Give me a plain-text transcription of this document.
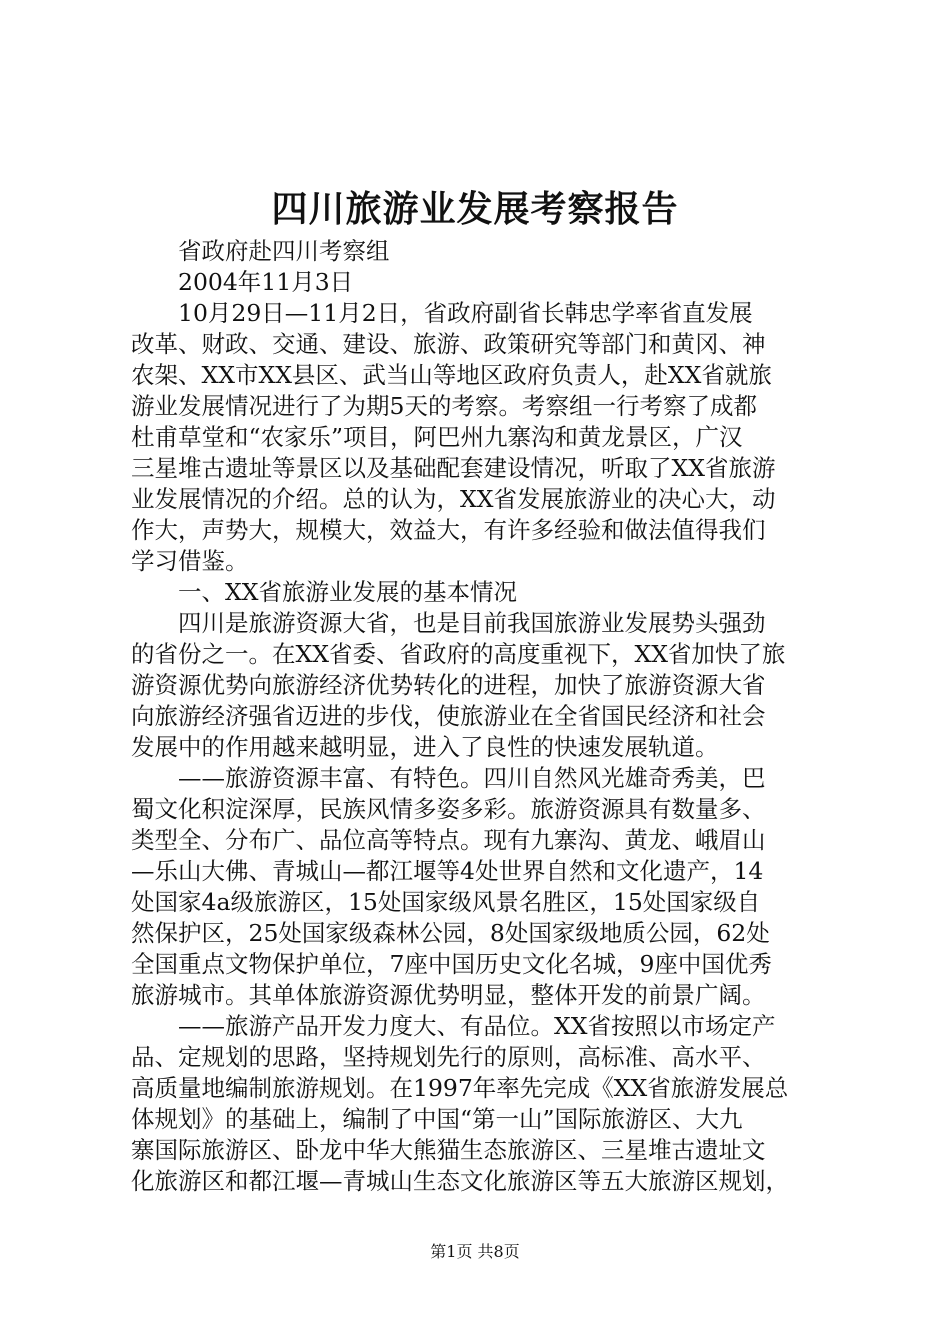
四川旅游业发展考察报告
省政府赴四川考察组
2004年11月3日
10月29日—11月2日，省政府副省长韩忠学率省直发展
改革、财政、交通、建设、旅游、政策研究等部门和黄冈、神
农架、XX市XX县区、武当山等地区政府负责人，赴XX省就旅
游业发展情况进行了为期5天的考察。考察组一行考察了成都
杜甫草堂和“农家乐”项目，阿巴州九寨沟和黄龙景区，广汉
三星堆古遗址等景区以及基础配套建设情况，听取了XX省旅游
业发展情况的介绍。总的认为，XX省发展旅游业的决心大，动
作大，声势大，规模大，效益大，有许多经验和做法值得我们
学习借鉴。
一、XX省旅游业发展的基本情况
四川是旅游资源大省，也是目前我国旅游业发展势头强劲
的省份之一。在XX省委、省政府的高度重视下，XX省加快了旅
游资源优势向旅游经济优势转化的进程，加快了旅游资源大省
向旅游经济强省迈进的步伐，使旅游业在全省国民经济和社会
发展中的作用越来越明显，进入了良性的快速发展轨道。
——旅游资源丰富、有特色。四川自然风光雄奇秀美，巴
蜀文化积淀深厚，民族风情多姿多彩。旅游资源具有数量多、
类型全、分布广、品位高等特点。现有九寨沟、黄龙、峨眉山
—乐山大佛、青城山—都江堰等4处世界自然和文化遗产，14
处国家4a级旅游区，15处国家级风景名胜区，15处国家级自
然保护区，25处国家级森林公园，8处国家级地质公园，62处
全国重点文物保护单位，7座中国历史文化名城，9座中国优秀
旅游城市。其单体旅游资源优势明显，整体开发的前景广阔。
——旅游产品开发力度大、有品位。XX省按照以市场定产
品、定规划的思路，坚持规划先行的原则，高标准、高水平、
高质量地编制旅游规划。在1997年率先完成《XX省旅游发展总
体规划》的基础上，编制了中国“第一山”国际旅游区、大九
寨国际旅游区、卧龙中华大熊猫生态旅游区、三星堆古遗址文
化旅游区和都江堰—青城山生态文化旅游区等五大旅游区规划，
第1页 共8页
